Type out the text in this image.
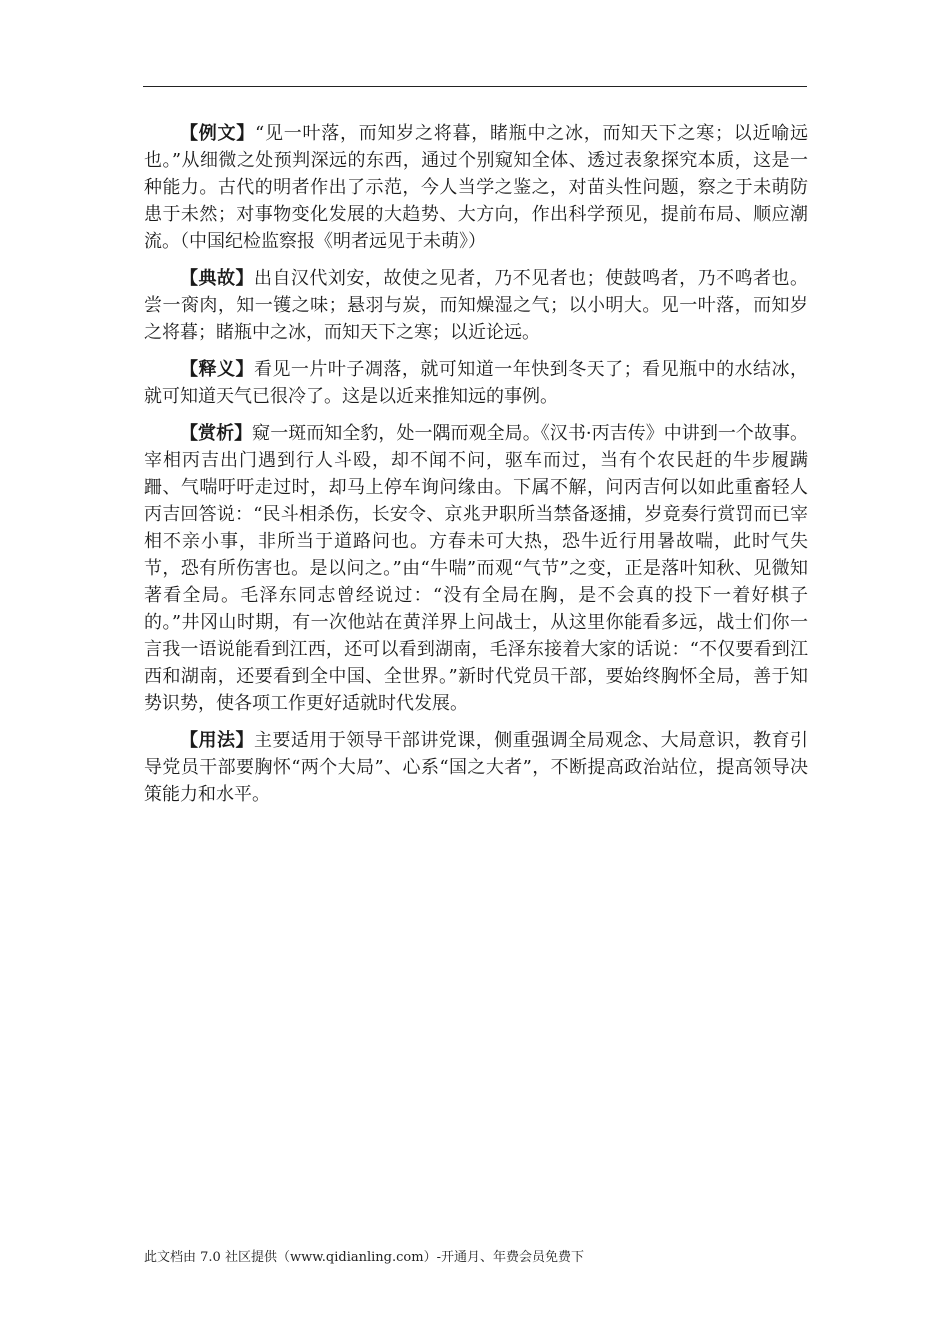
【例文】“见一叶落，而知岁之将暮，睹瓶中之冰，而知天下之寒；以近喻远也。”从细微之处预判深远的东西，通过个别窥知全体、透过表象探究本质，这是一种能力。古代的明者作出了示范，今人当学之鉴之，对苗头性问题，察之于未萌防患于未然；对事物变化发展的大趋势、大方向，作出科学预见，提前布局、顺应潮流。（中国纪检监察报《明者远见于未萌》）

【典故】出自汉代刘安，故使之见者，乃不见者也；使鼓鸣者，乃不鸣者也。尝一脔肉，知一镬之味；悬羽与炭，而知燥湿之气；以小明大。见一叶落，而知岁之将暮；睹瓶中之冰，而知天下之寒；以近论远。

【释义】看见一片叶子凋落，就可知道一年快到冬天了；看见瓶中的水结冰，就可知道天气已很冷了。这是以近来推知远的事例。

【赏析】窥一斑而知全豹，处一隅而观全局。《汉书·丙吉传》中讲到一个故事。宰相丙吉出门遇到行人斗殴，却不闻不问，驱车而过，当有个农民赶的牛步履蹒跚、气喘吁吁走过时，却马上停车询问缘由。下属不解，问丙吉何以如此重畜轻人丙吉回答说：“民斗相杀伤，长安令、京兆尹职所当禁备逐捕，岁竟奏行赏罚而已宰相不亲小事，非所当于道路问也。方春未可大热，恐牛近行用暑故喘，此时气失节，恐有所伤害也。是以问之。”由“牛喘”而观“气节”之变，正是落叶知秋、见微知著看全局。毛泽东同志曾经说过：“没有全局在胸，是不会真的投下一着好棋子的。”井冈山时期，有一次他站在黄洋界上问战士，从这里你能看多远，战士们你一言我一语说能看到江西，还可以看到湖南，毛泽东接着大家的话说：“不仅要看到江西和湖南，还要看到全中国、全世界。”新时代党员干部，要始终胸怀全局，善于知势识势，使各项工作更好适就时代发展。

【用法】主要适用于领导干部讲党课，侧重强调全局观念、大局意识，教育引导党员干部要胸怀“两个大局”、心系“国之大者”，不断提高政治站位，提高领导决策能力和水平。

此文档由 7.0 社区提供（www.qidianling.com）-开通月、年费会员免费下
